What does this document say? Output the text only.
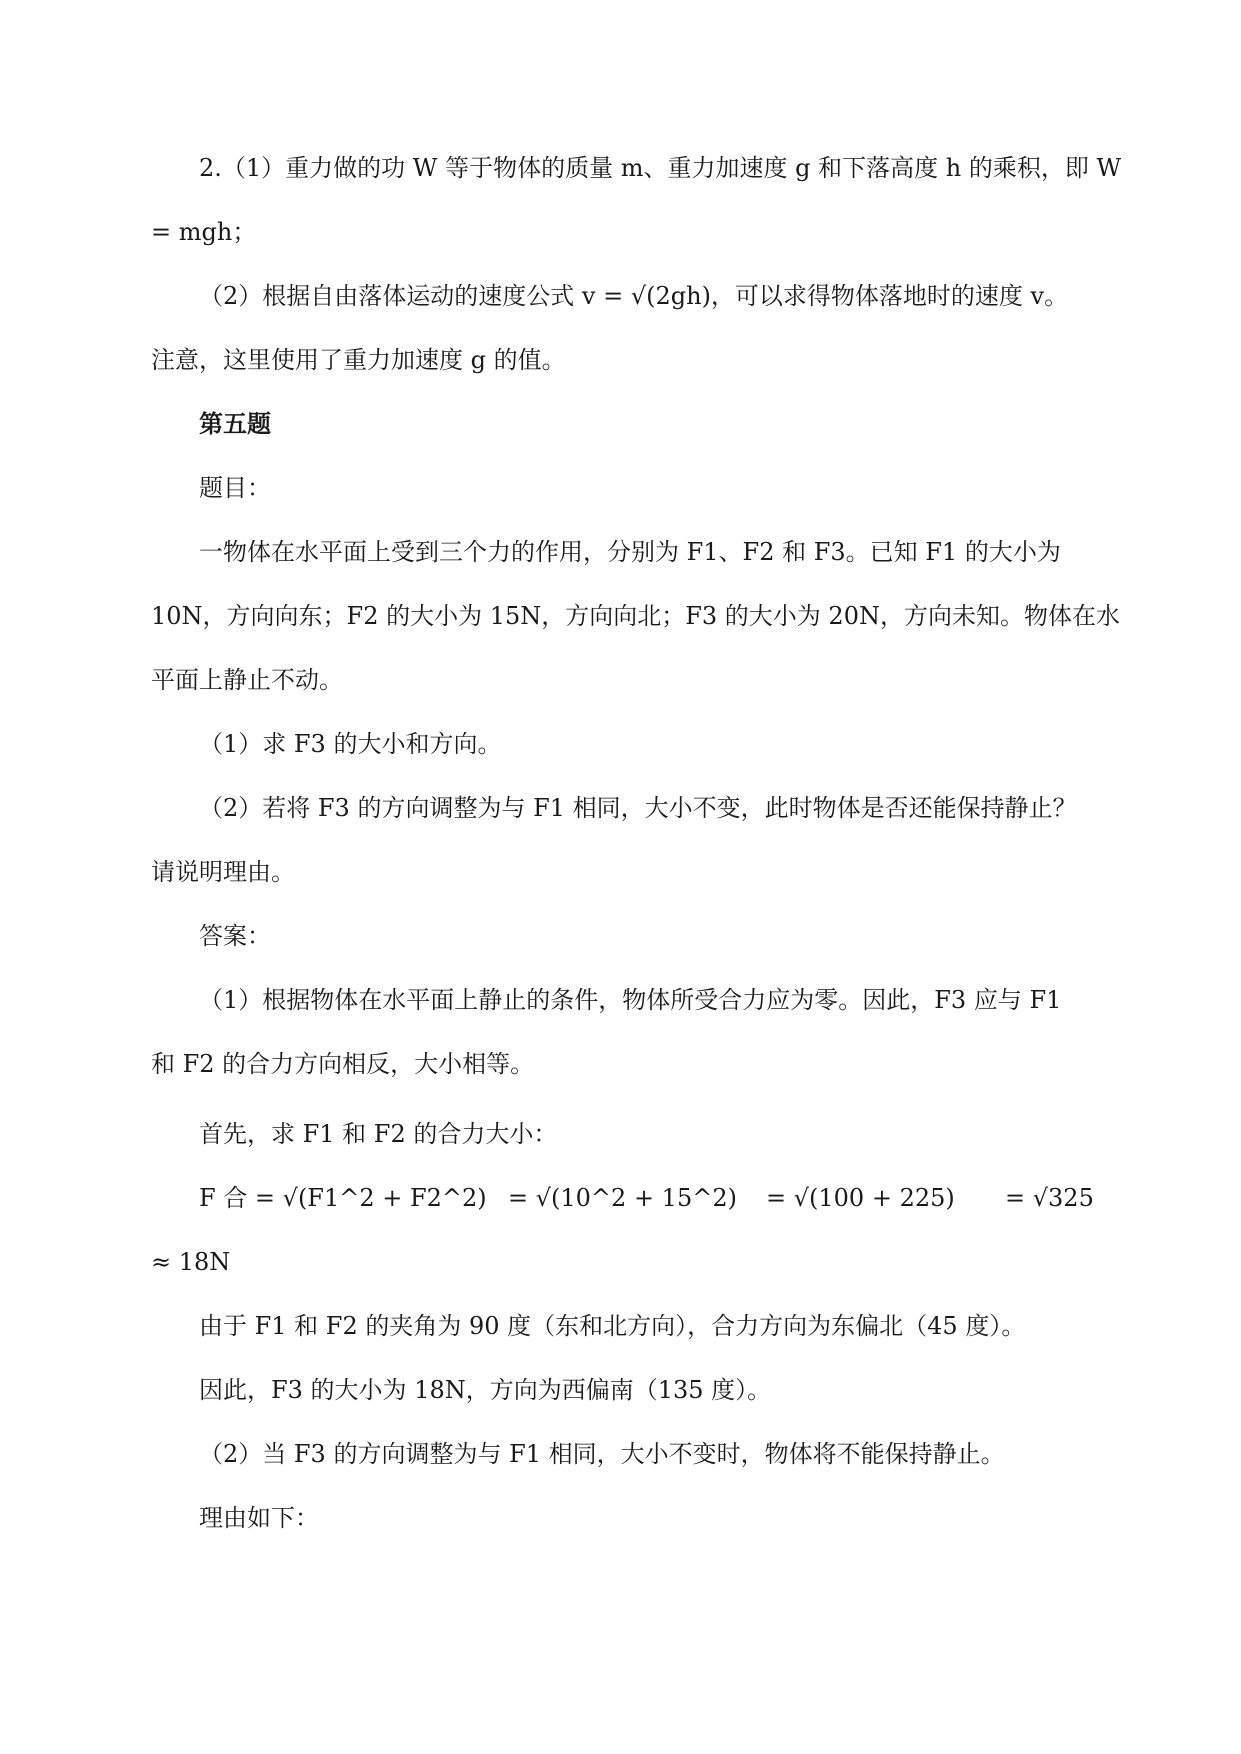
2.（1）重力做的功 W 等于物体的质量 m、重力加速度 g 和下落高度 h 的乘积，即 W
= mgh；
（2）根据自由落体运动的速度公式 v = √(2gh)，可以求得物体落地时的速度 v。
注意，这里使用了重力加速度 g 的值。
第五题
题目：
一物体在水平面上受到三个力的作用，分别为 F1、F2 和 F3。已知 F1 的大小为
10N，方向向东；F2 的大小为 15N，方向向北；F3 的大小为 20N，方向未知。物体在水
平面上静止不动。
（1）求 F3 的大小和方向。
（2）若将 F3 的方向调整为与 F1 相同，大小不变，此时物体是否还能保持静止？
请说明理由。
答案：
（1）根据物体在水平面上静止的条件，物体所受合力应为零。因此，F3 应与 F1
和 F2 的合力方向相反，大小相等。
首先，求 F1 和 F2 的合力大小：
F 合 = √(F1^2 + F2^2) = √(10^2 + 15^2) = √(100 + 225) = √325
≈ 18N
由于 F1 和 F2 的夹角为 90 度（东和北方向），合力方向为东偏北（45 度）。
因此，F3 的大小为 18N，方向为西偏南（135 度）。
（2）当 F3 的方向调整为与 F1 相同，大小不变时，物体将不能保持静止。
理由如下：
